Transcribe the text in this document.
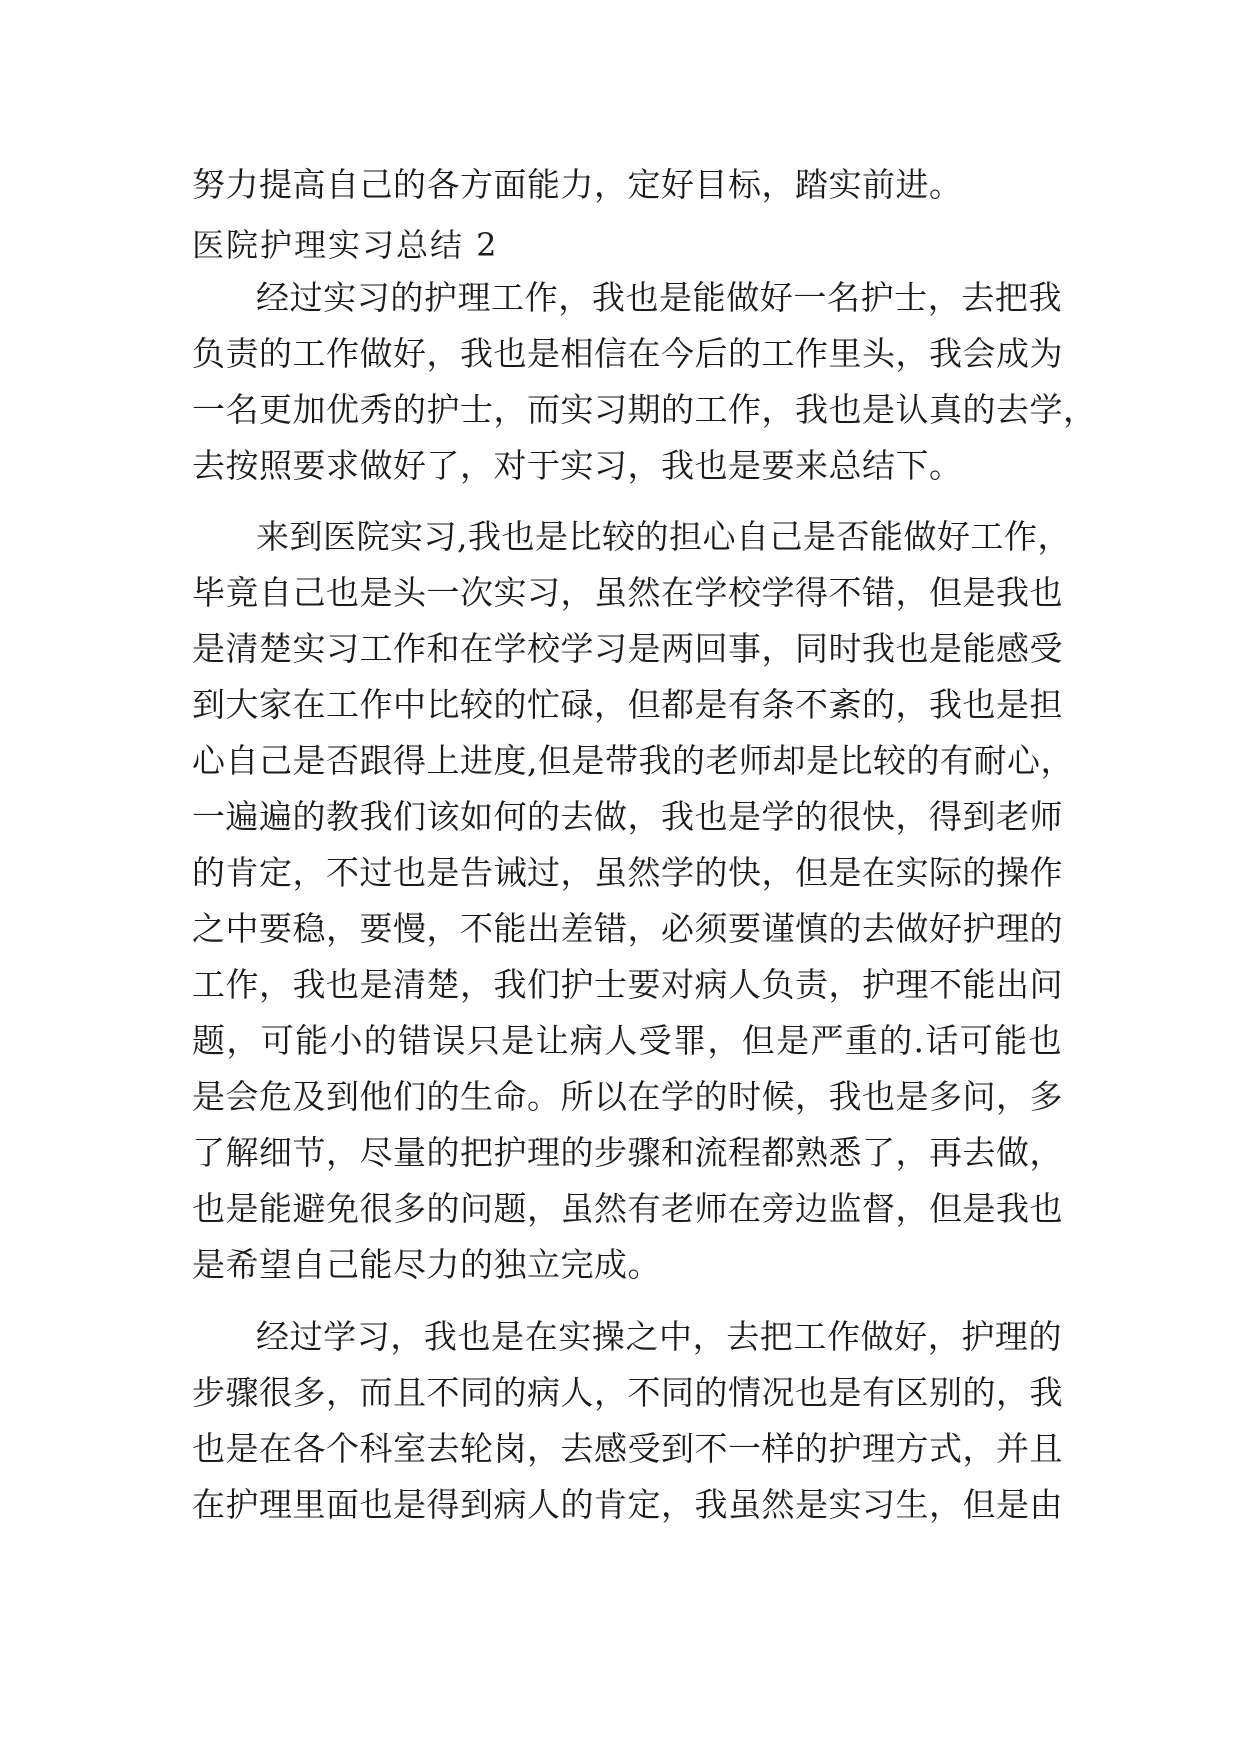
努力提高自己的各方面能力，定好目标，踏实前进。
医院护理实习总结 2
经过实习的护理工作，我也是能做好一名护士，去把我
负责的工作做好，我也是相信在今后的工作里头，我会成为
一名更加优秀的护士，而实习期的工作，我也是认真的去学，
去按照要求做好了，对于实习，我也是要来总结下。
来到医院实习,我也是比较的担心自己是否能做好工作，
毕竟自己也是头一次实习，虽然在学校学得不错，但是我也
是清楚实习工作和在学校学习是两回事，同时我也是能感受
到大家在工作中比较的忙碌，但都是有条不紊的，我也是担
心自己是否跟得上进度,但是带我的老师却是比较的有耐心，
一遍遍的教我们该如何的去做，我也是学的很快，得到老师
的肯定，不过也是告诫过，虽然学的快，但是在实际的操作
之中要稳，要慢，不能出差错，必须要谨慎的去做好护理的
工作，我也是清楚，我们护士要对病人负责，护理不能出问
题，可能小的错误只是让病人受罪，但是严重的.话可能也
是会危及到他们的生命。所以在学的时候，我也是多问，多
了解细节，尽量的把护理的步骤和流程都熟悉了，再去做，
也是能避免很多的问题，虽然有老师在旁边监督，但是我也
是希望自己能尽力的独立完成。
经过学习，我也是在实操之中，去把工作做好，护理的
步骤很多，而且不同的病人，不同的情况也是有区别的，我
也是在各个科室去轮岗，去感受到不一样的护理方式，并且
在护理里面也是得到病人的肯定，我虽然是实习生，但是由
